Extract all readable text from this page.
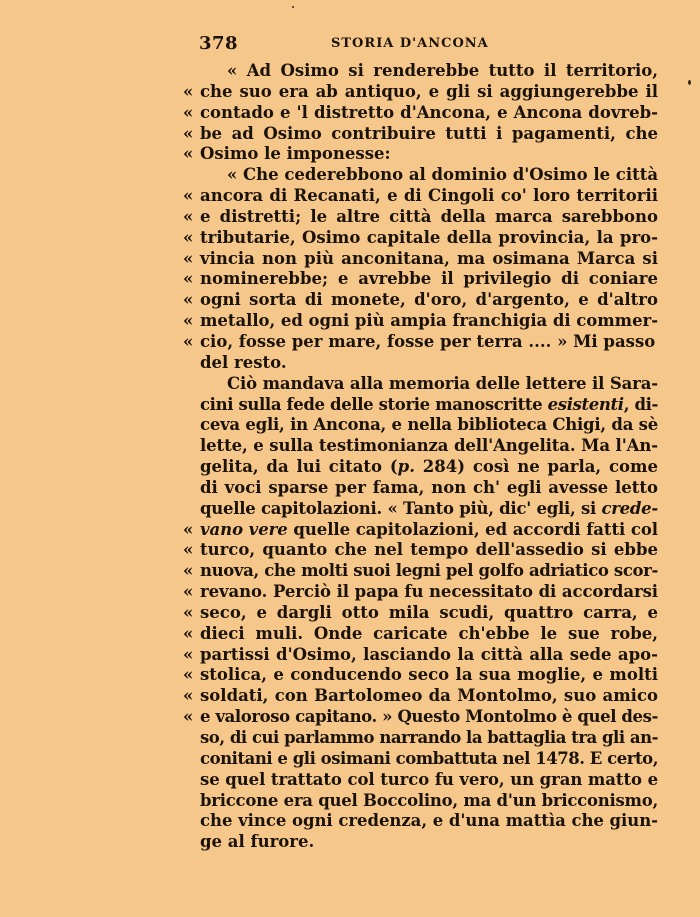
378	STORIA D'ANCONA
« Ad Osimo si renderebbe tutto il territorio,
« che suo era ab antiquo, e gli si aggiungerebbe il
« contado e 'l distretto d'Ancona, e Ancona dovreb-
« be ad Osimo contribuire tutti i pagamenti, che
« Osimo le imponesse:
« Che cederebbono al dominio d'Osimo le città
« ancora di Recanati, e di Cingoli co' loro territorii
« e distretti; le altre città della marca sarebbono
« tributarie, Osimo capitale della provincia, la pro-
« vincia non più anconitana, ma osimana Marca si
« nominerebbe; e avrebbe il privilegio di coniare
« ogni sorta di monete, d'oro, d'argento, e d'altro
« metallo, ed ogni più ampia franchigia di commer-
« cio, fosse per mare, fosse per terra .... » Mi passo
del resto.
Ciò mandava alla memoria delle lettere il Sara-
cini sulla fede delle storie manoscritte esistenti, di-
ceva egli, in Ancona, e nella biblioteca Chigi, da sè
lette, e sulla testimonianza dell'Angelita. Ma l'An-
gelita, da lui citato (p. 284) così ne parla, come
di voci sparse per fama, non ch' egli avesse letto
quelle capitolazioni. « Tanto più, dic' egli, si crede-
« vano vere quelle capitolazioni, ed accordi fatti col
« turco, quanto che nel tempo dell'assedio si ebbe
« nuova, che molti suoi legni pel golfo adriatico scor-
« revano. Perciò il papa fu necessitato di accordarsi
« seco, e dargli otto mila scudi, quattro carra, e
« dieci muli. Onde caricate ch'ebbe le sue robe,
« partissi d'Osimo, lasciando la città alla sede apo-
« stolica, e conducendo seco la sua moglie, e molti
« soldati, con Bartolomeo da Montolmo, suo amico
« e valoroso capitano. » Questo Montolmo è quel des-
so, di cui parlammo narrando la battaglia tra gli an-
conitani e gli osimani combattuta nel 1478. E certo,
se quel trattato col turco fu vero, un gran matto e
briccone era quel Boccolino, ma d'un bricconismo,
che vince ogni credenza, e d'una mattìa che giun-
ge al furore.
